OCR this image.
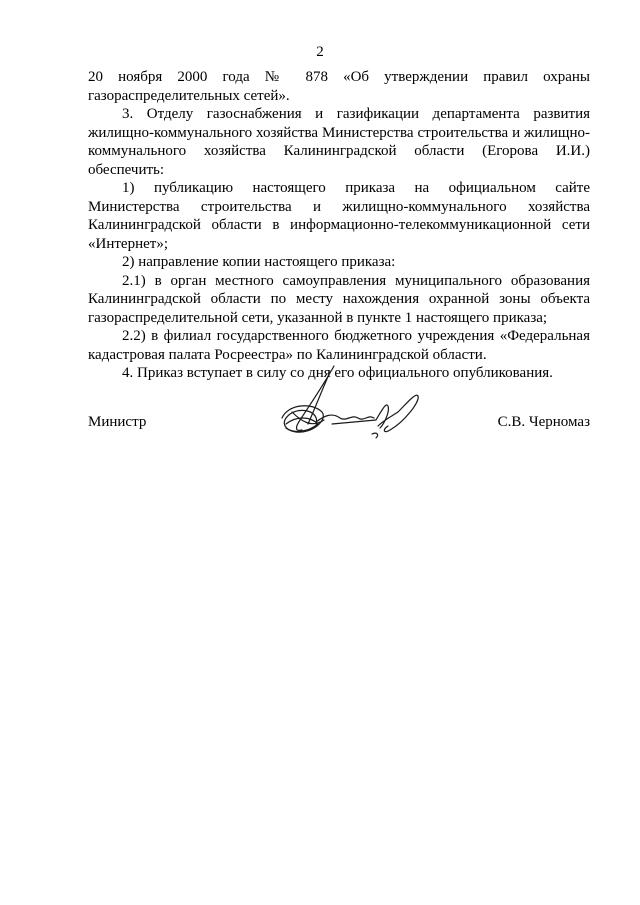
2

20 ноября 2000 года № 878 «Об утверждении правил охраны газораспределительных сетей».

3. Отделу газоснабжения и газификации департамента развития жилищно-коммунального хозяйства Министерства строительства и жилищно-коммунального хозяйства Калининградской области (Егорова И.И.) обеспечить:

1) публикацию настоящего приказа на официальном сайте Министерства строительства и жилищно-коммунального хозяйства Калининградской области в информационно-телекоммуникационной сети «Интернет»;

2) направление копии настоящего приказа:

2.1) в орган местного самоуправления муниципального образования Калининградской области по месту нахождения охранной зоны объекта газораспределительной сети, указанной в пункте 1 настоящего приказа;

2.2) в филиал государственного бюджетного учреждения «Федеральная кадастровая палата Росреестра» по Калининградской области.

4. Приказ вступает в силу со дня его официального опубликования.

Министр	С.В. Черномаз
